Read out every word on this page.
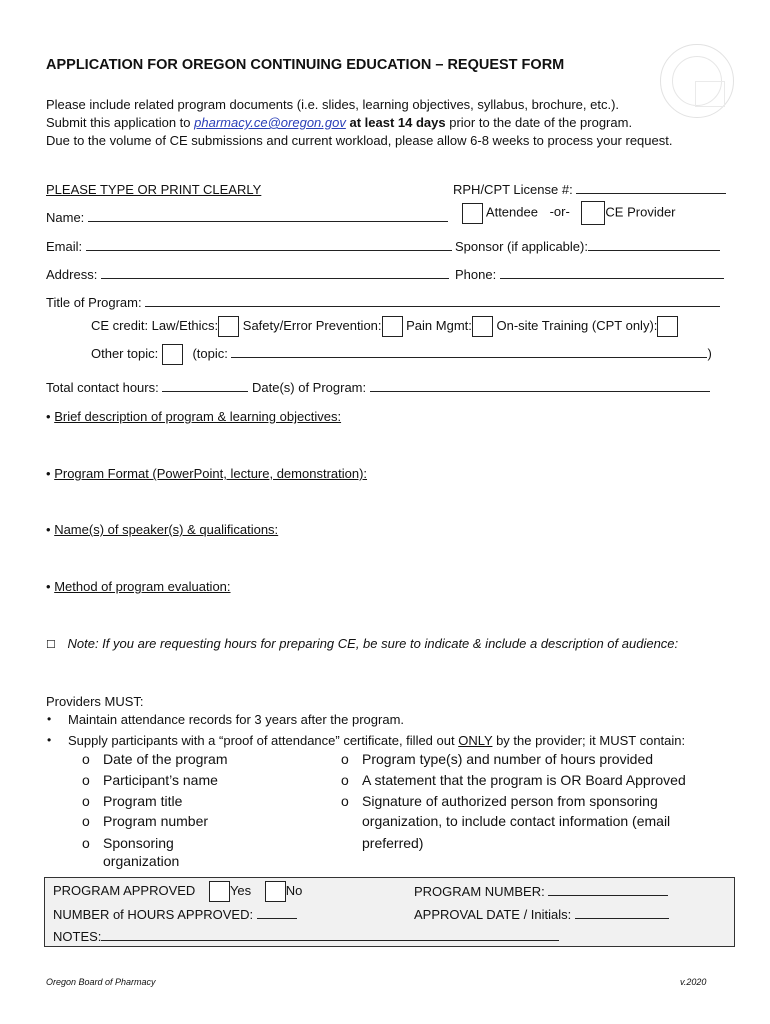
APPLICATION FOR OREGON CONTINUING EDUCATION – REQUEST FORM
Please include related program documents (i.e. slides, learning objectives, syllabus, brochure, etc.).
Submit this application to pharmacy.ce@oregon.gov at least 14 days prior to the date of the program.
Due to the volume of CE submissions and current workload, please allow 6-8 weeks to process your request.
PLEASE TYPE OR PRINT CLEARLY	RPH/CPT License #:
Name:	Attendee -or-	CE Provider
Email:	Sponsor (if applicable):
Address:	Phone:
Title of Program:
CE credit: Law/Ethics: Safety/Error Prevention: Pain Mgmt: On-site Training (CPT only):
Other topic:	(topic:	)
Total contact hours:	Date(s) of Program:
• Brief description of program & learning objectives:
• Program Format (PowerPoint, lecture, demonstration):
• Name(s) of speaker(s) & qualifications:
• Method of program evaluation:
☐ Note: If you are requesting hours for preparing CE, be sure to indicate & include a description of audience:
Providers MUST:
• Maintain attendance records for 3 years after the program.
• Supply participants with a “proof of attendance” certificate, filled out ONLY by the provider; it MUST contain:
o Date of the program
o Participant’s name
o Program title
o Program number
o Sponsoring
organization
o Program type(s) and number of hours provided
o A statement that the program is OR Board Approved
o Signature of authorized person from sponsoring
organization, to include contact information (email
preferred)
PROGRAM APPROVED	Yes	No	PROGRAM NUMBER:
NUMBER of HOURS APPROVED:	APPROVAL DATE / Initials:
NOTES:
Oregon Board of Pharmacy	v.2020
